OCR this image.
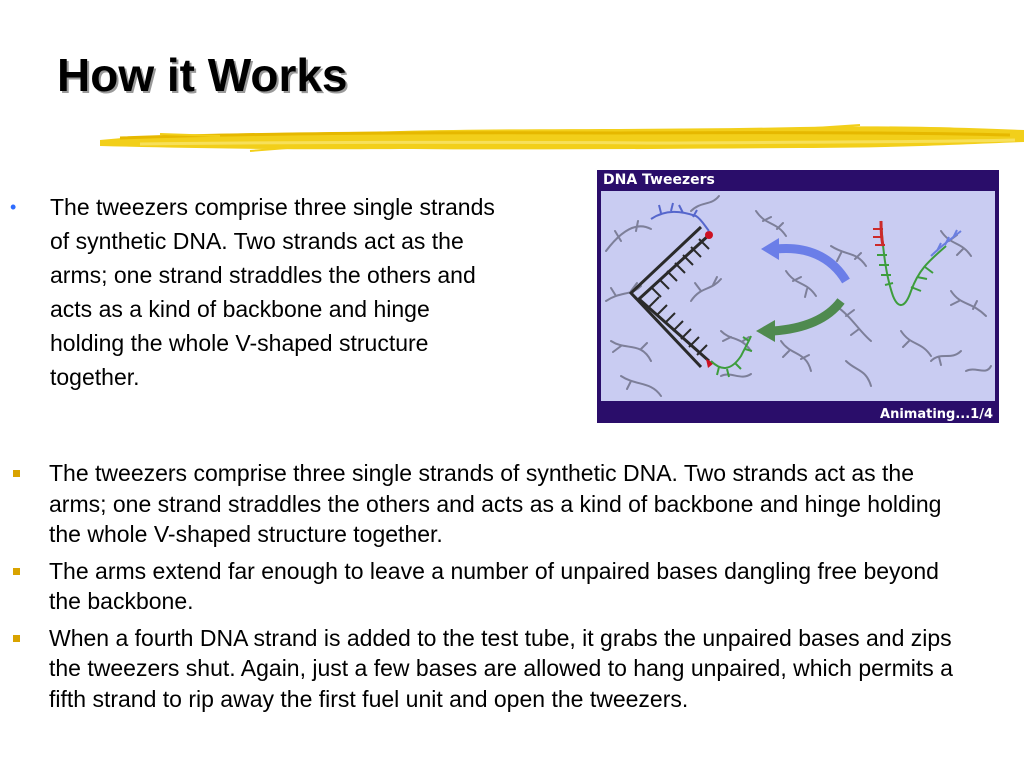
How it Works
• The tweezers comprise three single strands of synthetic DNA. Two strands act as the arms; one strand straddles the others and acts as a kind of backbone and hinge holding the whole V-shaped structure together.
DNA Tweezers
Animating...1/4
The tweezers comprise three single strands of synthetic DNA. Two strands act as the arms; one strand straddles the others and acts as a kind of backbone and hinge holding the whole V-shaped structure together.
The arms extend far enough to leave a number of unpaired bases dangling free beyond the backbone.
When a fourth DNA strand is added to the test tube, it grabs the unpaired bases and zips the tweezers shut. Again, just a few bases are allowed to hang unpaired, which permits a fifth strand to rip away the first fuel unit and open the tweezers.
